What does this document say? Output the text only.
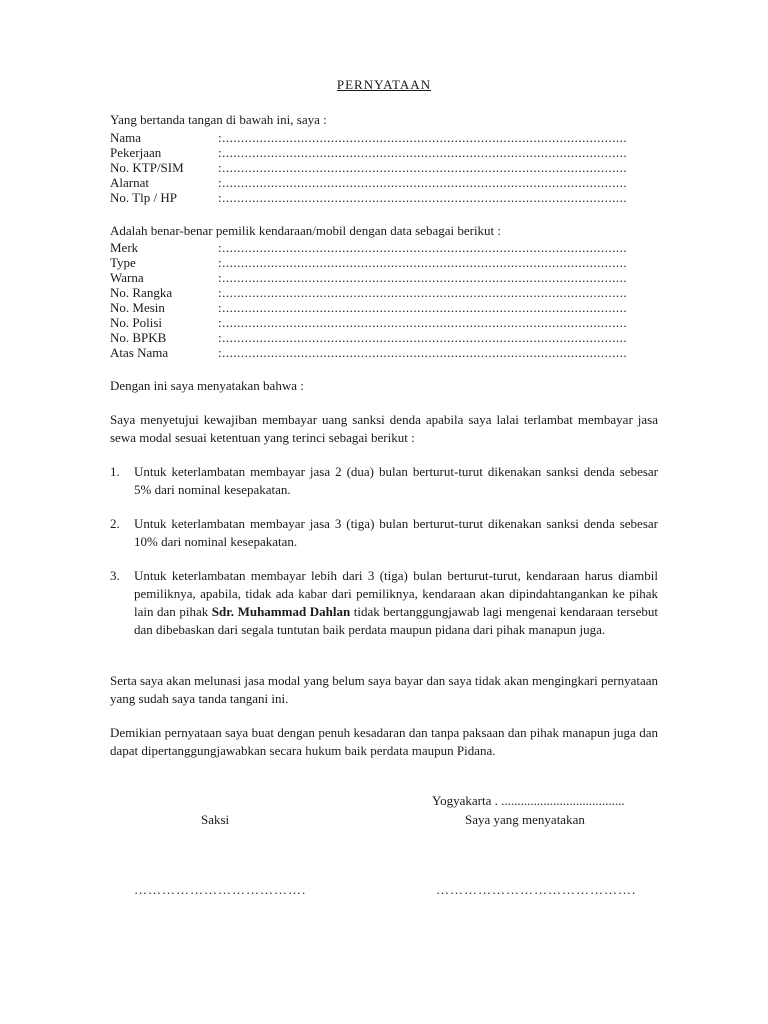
PERNYATAAN
Yang bertanda tangan di bawah ini, saya :
Nama	:............................................................................................................
Pekerjaan	:............................................................................................................
No. KTP/SIM	:............................................................................................................
Alarnat	:............................................................................................................
No. Tlp / HP	:............................................................................................................
Adalah benar-benar pemilik kendaraan/mobil dengan data sebagai berikut :
Merk	:............................................................................................................
Type	:............................................................................................................
Warna	:............................................................................................................
No. Rangka	:............................................................................................................
No. Mesin	:............................................................................................................
No. Polisi	:............................................................................................................
No. BPKB	:............................................................................................................
Atas Nama	:............................................................................................................
Dengan ini saya menyatakan bahwa :
Saya menyetujui kewajiban membayar uang sanksi denda apabila saya lalai terlambat membayar jasa sewa modal sesuai ketentuan yang terinci sebagai berikut :
1. Untuk keterlambatan membayar jasa 2 (dua) bulan berturut-turut dikenakan sanksi denda sebesar 5% dari nominal kesepakatan.
2. Untuk keterlambatan membayar jasa 3 (tiga) bulan berturut-turut dikenakan sanksi denda sebesar 10% dari nominal kesepakatan.
3. Untuk keterlambatan membayar lebih dari 3 (tiga) bulan berturut-turut, kendaraan harus diambil pemiliknya, apabila, tidak ada kabar dari pemiliknya, kendaraan akan dipindahtangankan ke pihak lain dan pihak Sdr. Muhammad Dahlan tidak bertanggungjawab lagi mengenai kendaraan tersebut dan dibebaskan dari segala tuntutan baik perdata maupun pidana dari pihak manapun juga.
Serta saya akan melunasi jasa modal yang belum saya bayar dan saya tidak akan mengingkari pernyataan yang sudah saya tanda tangani ini.
Demikian pernyataan saya buat dengan penuh kesadaran dan tanpa paksaan dan pihak manapun juga dan dapat dipertanggungjawabkan secara hukum baik perdata maupun Pidana.
Yogyakarta . ......................................
Saksi	Saya yang menyatakan
……………………………….	…………………………………….
